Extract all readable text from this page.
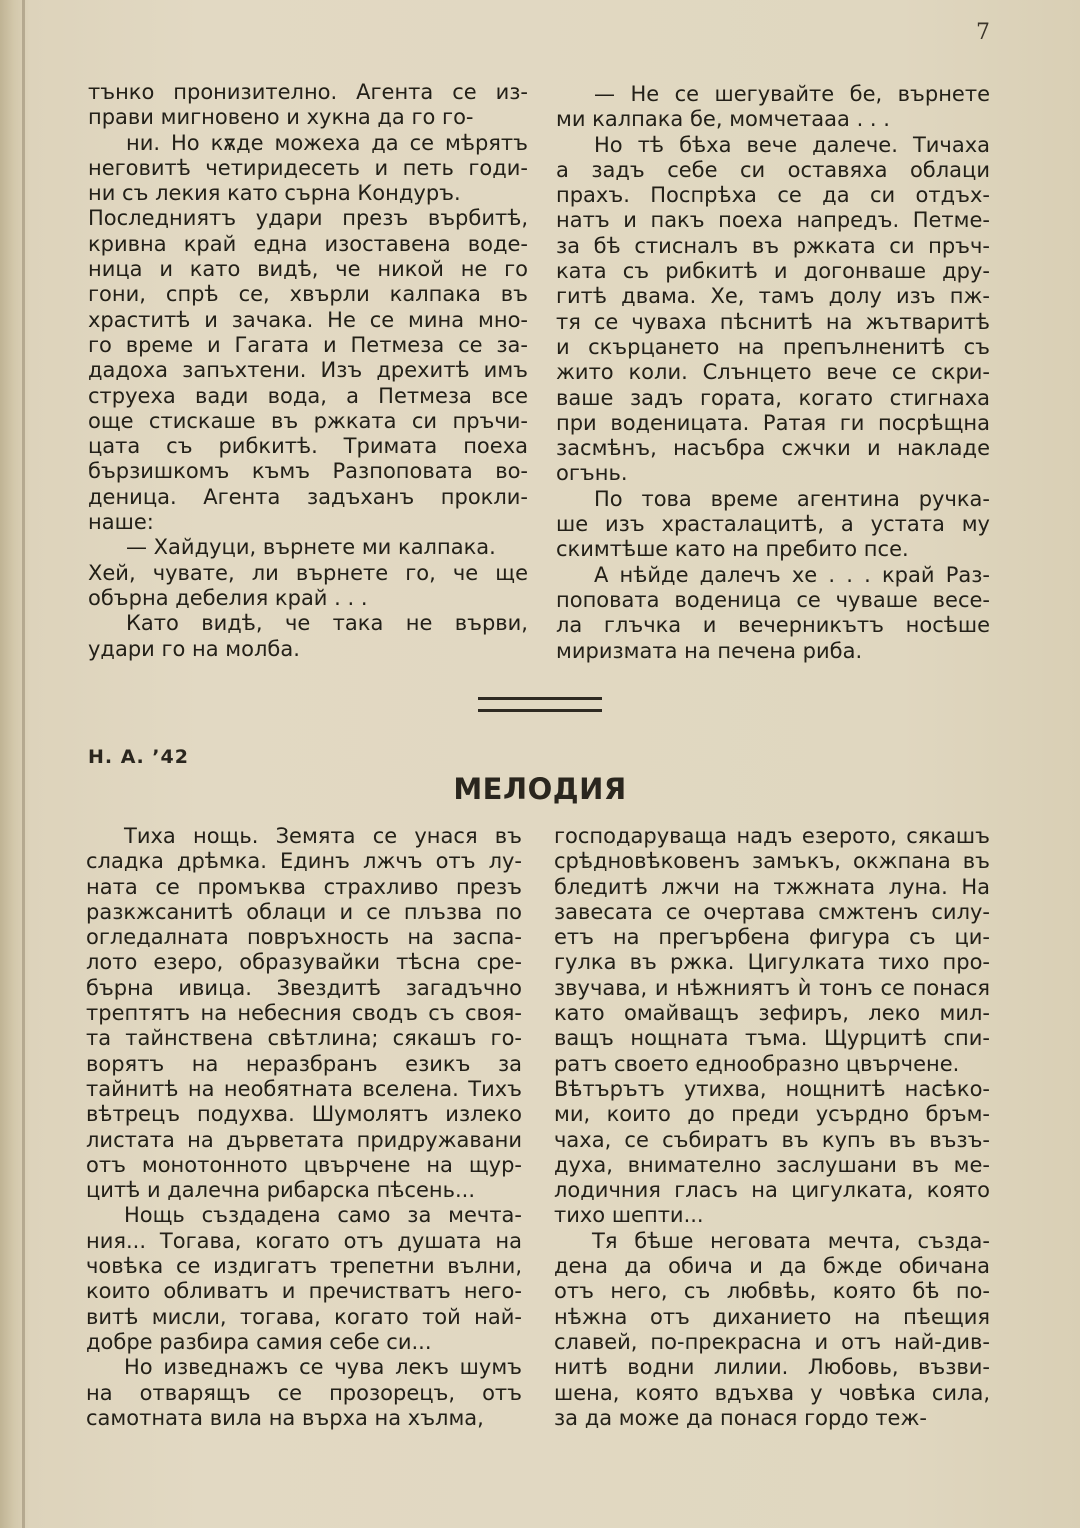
7
тънко пронизително. Агента се из-
прави мигновено и хукна да го го-
ни. Но кѫде можеха да се мѣрятъ
неговитѣ четиридесеть и петь годи-
ни съ лекия като сърна Кондуръ.
Последниятъ удари презъ върбитѣ,
кривна край една изоставена воде-
ница и като видѣ, че никой не го
гони, спрѣ се, хвърли калпака въ
храститѣ и зачака. Не се мина мно-
го време и Гагата и Петмеза се за-
дадоха запъхтени. Изъ дрехитѣ имъ
струеха вади вода, а Петмеза все
още стискаше въ ржката си пръчи-
цата съ рибкитѣ. Тримата поеха
бързишкомъ къмъ Разпоповата во-
деница. Агента задъханъ прокли-
наше:
— Хайдуци, върнете ми калпака.
Хей, чувате, ли върнете го, че ще
обърна дебелия край . . .
Като видѣ, че така не върви,
удари го на молба.
— Не се шегувайте бе, върнете
ми калпака бе, момчетааа . . .
Но тѣ бѣха вече далече. Тичаха
а задъ себе си оставяха облаци
прахъ. Поспрѣха се да си отдъх-
натъ и пакъ поеха напредъ. Петме-
за бѣ стисналъ въ ржката си пръч-
ката съ рибкитѣ и догонваше дру-
гитѣ двама. Хе, тамъ долу изъ пж-
тя се чуваха пѣснитѣ на жътваритѣ
и скърцането на препълненитѣ съ
жито коли. Слънцето вече се скри-
ваше задъ гората, когато стигнаха
при воденицата. Ратая ги посрѣщна
засмѣнъ, насъбра сжчки и накладе
огънь.
По това време агентина ручка-
ше изъ храсталацитѣ, а устата му
скимтѣше като на пребито псе.
А нѣйде далечъ хе . . . край Раз-
поповата воденица се чуваше весе-
ла глъчка и вечерникътъ носѣше
миризмата на печена риба.
Н. А. ’42
МЕЛОДИЯ
Тиха нощь. Земята се унася въ
сладка дрѣмка. Единъ лжчъ отъ лу-
ната се промъква страхливо презъ
разкжсанитѣ облаци и се плъзва по
огледалната повръхность на заспа-
лото езеро, образувайки тѣсна сре-
бърна ивица. Звездитѣ загадъчно
трептятъ на небесния сводъ съ своя-
та тайнствена свѣтлина; сякашъ го-
ворятъ на неразбранъ езикъ за
тайнитѣ на необятната вселена. Тихъ
вѣтрецъ подухва. Шумолятъ излеко
листата на дърветата придружавани
отъ монотонното цвърчене на щур-
цитѣ и далечна рибарска пѣсень...
Нощь създадена само за мечта-
ния... Тогава, когато отъ душата на
човѣка се издигатъ трепетни вълни,
които обливатъ и пречистватъ него-
витѣ мисли, тогава, когато той най-
добре разбира самия себе си...
Но изведнажъ се чува лекъ шумъ
на отварящъ се прозорецъ, отъ
самотната вила на върха на хълма,
господаруваща надъ езерото, сякашъ
срѣдновѣковенъ замъкъ, окжпана въ
бледитѣ лжчи на тжжната луна. На
завесата се очертава смжтенъ силу-
етъ на прегърбена фигура съ ци-
гулка въ ржка. Цигулката тихо про-
звучава, и нѣжниятъ ѝ тонъ се понася
като омайващъ зефиръ, леко мил-
ващъ нощната тъма. Щурцитѣ спи-
ратъ своето еднообразно цвърчене.
Вѣтърътъ утихва, нощнитѣ насѣко-
ми, които до преди усърдно бръм-
чаха, се събиратъ въ купъ въ възъ-
духа, внимателно заслушани въ ме-
лодичния гласъ на цигулката, която
тихо шепти...
Тя бѣше неговата мечта, създа-
дена да обича и да бжде обичана
отъ него, съ любвѣь, която бѣ по-
нѣжна отъ диханието на пѣещия
славей, по-прекрасна и отъ най-див-
нитѣ водни лилии. Любовь, възви-
шена, която вдъхва у човѣка сила,
за да може да понася гордо теж-
